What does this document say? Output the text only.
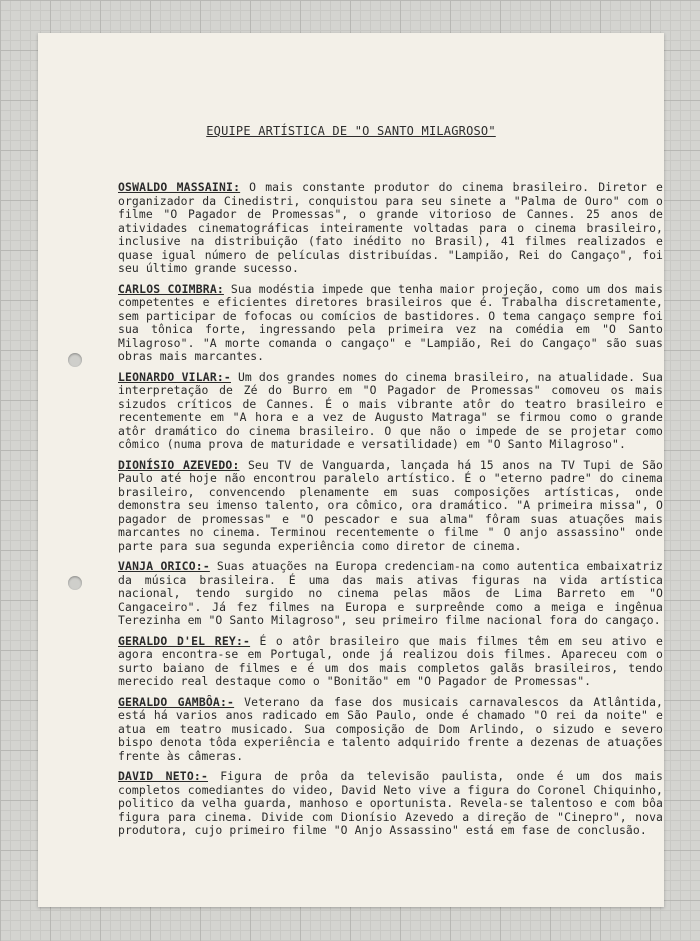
EQUIPE ARTÍSTICA DE "O SANTO MILAGROSO"

OSWALDO MASSAINI: O mais constante produtor do cinema brasileiro. Diretor e organizador da Cinedistri, conquistou para seu sinete a "Palma de Ouro" com o filme "O Pagador de Promessas", o grande vitorioso de Cannes. 25 anos de atividades cinematográficas inteiramente voltadas para o cinema brasileiro, inclusive na distribuição (fato inédito no Brasil), 41 filmes realizados e quase igual número de películas distribuídas. "Lampião, Rei do Cangaço", foi seu último grande sucesso.

CARLOS COIMBRA: Sua modéstia impede que tenha maior projeção, como um dos mais competentes e eficientes diretores brasileiros que é. Trabalha discretamente, sem participar de fofocas ou comícios de bastidores. O tema cangaço sempre foi sua tônica forte, ingressando pela primeira vez na comédia em "O Santo Milagroso". "A morte comanda o cangaço" e "Lampião, Rei do Cangaço" são suas obras mais marcantes.

LEONARDO VILAR:- Um dos grandes nomes do cinema brasileiro, na atualidade. Sua interpretação de Zé do Burro em "O Pagador de Promessas" comoveu os mais sizudos críticos de Cannes. É o mais vibrante atôr do teatro brasileiro e recentemente em "A hora e a vez de Augusto Matraga" se firmou como o grande atôr dramático do cinema brasileiro. O que não o impede de se projetar como cômico (numa prova de maturidade e versatilidade) em "O Santo Milagroso".

DIONÍSIO AZEVEDO: Seu TV de Vanguarda, lançada há 15 anos na TV Tupi de São Paulo até hoje não encontrou paralelo artístico. É o "eterno padre" do cinema brasileiro, convencendo plenamente em suas composições artísticas, onde demonstra seu imenso talento, ora cômico, ora dramático. "A primeira missa", O pagador de promessas" e "O pescador e sua alma" fôram suas atuações mais marcantes no cinema. Terminou recentemente o filme " O anjo assassino" onde parte para sua segunda experiência como diretor de cinema.

VANJA ORICO:- Suas atuações na Europa credenciam-na como autentica embaixatriz da música brasileira. É uma das mais ativas figuras na vida artística nacional, tendo surgido no cinema pelas mãos de Lima Barreto em "O Cangaceiro". Já fez filmes na Europa e surpreênde como a meiga e ingênua Terezinha em "O Santo Milagroso", seu primeiro filme nacional fora do cangaço.

GERALDO D'EL REY:- É o atôr brasileiro que mais filmes têm em seu ativo e agora encontra-se em Portugal, onde já realizou dois filmes. Apareceu com o surto baiano de filmes e é um dos mais completos galãs brasileiros, tendo merecido real destaque como o "Bonitão" em "O Pagador de Promessas".

GERALDO GAMBÔA:- Veterano da fase dos musicais carnavalescos da Atlântida, está há varios anos radicado em São Paulo, onde é chamado "O rei da noite" e atua em teatro musicado. Sua composição de Dom Arlindo, o sizudo e severo bispo denota tôda experiência e talento adquirido frente a dezenas de atuações frente às câmeras.

DAVID NETO:- Figura de prôa da televisão paulista, onde é um dos mais completos comediantes do video, David Neto vive a figura do Coronel Chiquinho, politico da velha guarda, manhoso e oportunista. Revela-se talentoso e com bôa figura para cinema. Divide com Dionísio Azevedo a direção de "Cinepro", nova produtora, cujo primeiro filme "O Anjo Assassino" está em fase de conclusão.
